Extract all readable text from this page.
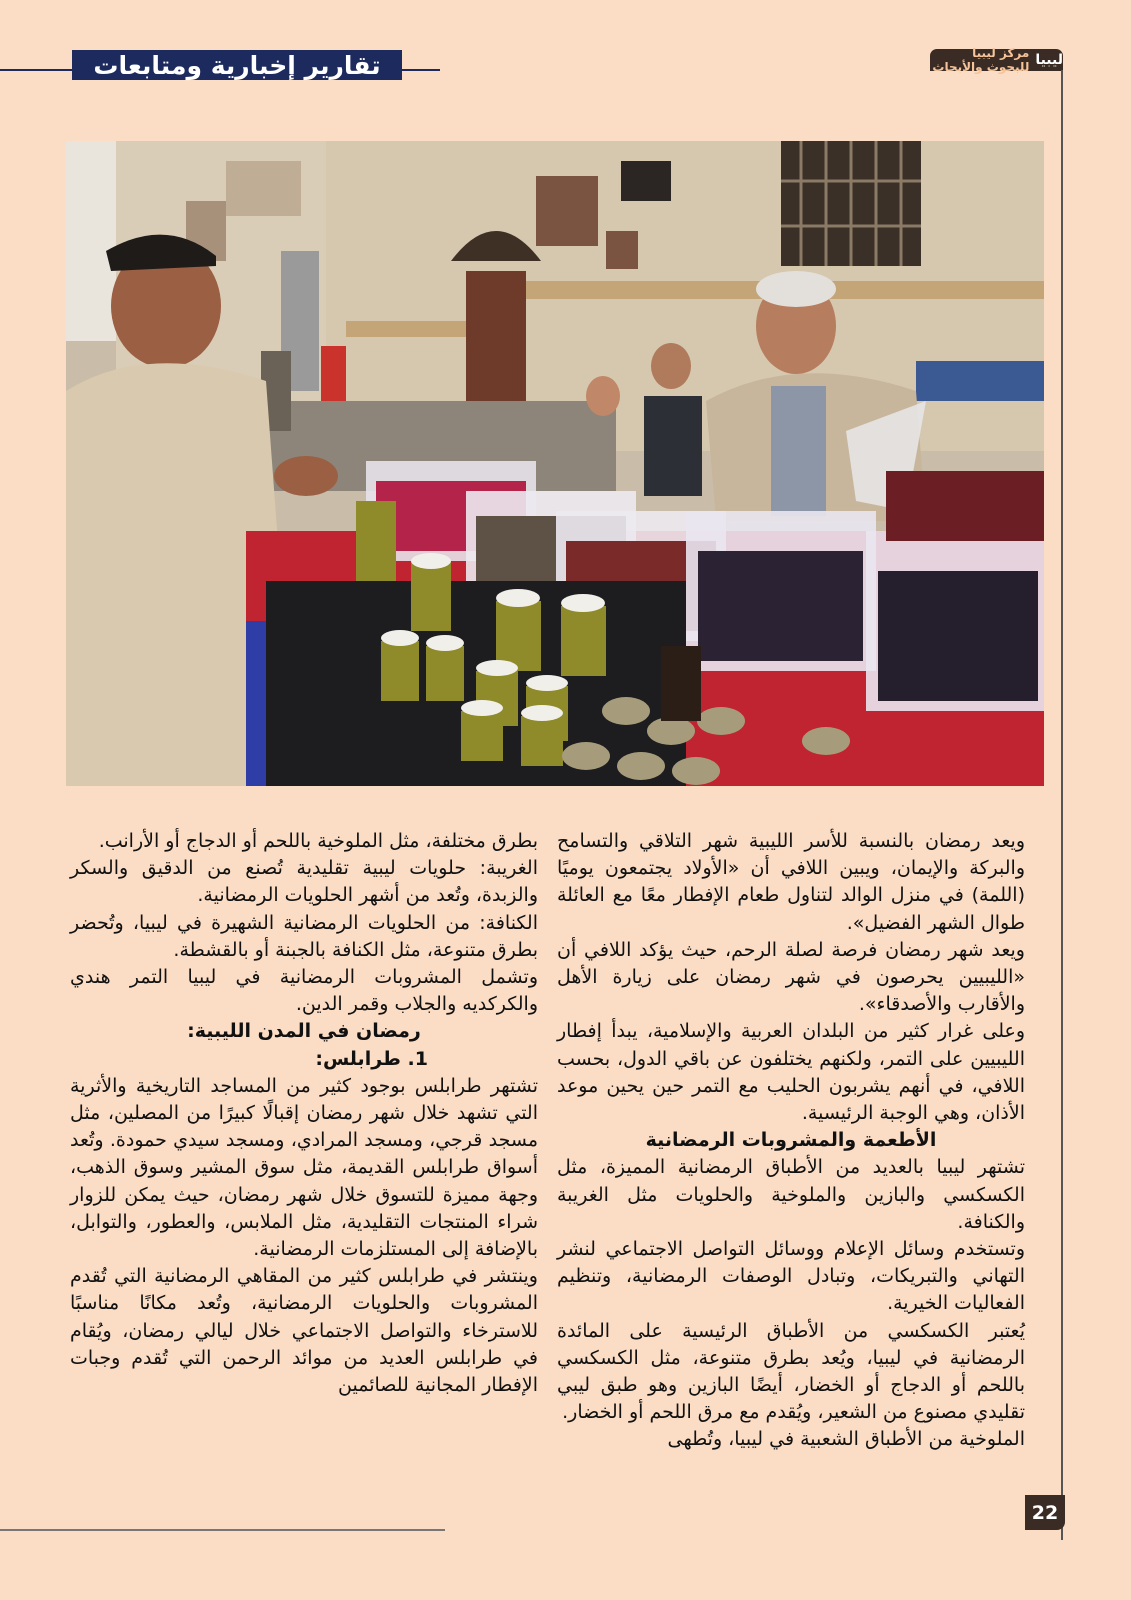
تقارير إخبارية ومتابعات	ليبيا
مركز ليبيا للبحوث والأبحاث

ويعد رمضان بالنسبة للأسر الليبية شهر التلاقي والتسامح والبركة والإيمان، ويبين اللافي أن «الأولاد يجتمعون يوميًا (اللمة) في منزل الوالد لتناول طعام الإفطار معًا مع العائلة طوال الشهر الفضيل».

ويعد شهر رمضان فرصة لصلة الرحم، حيث يؤكد اللافي أن «الليبيين يحرصون في شهر رمضان على زيارة الأهل والأقارب والأصدقاء».

وعلى غرار كثير من البلدان العربية والإسلامية، يبدأ إفطار الليبيين على التمر، ولكنهم يختلفون عن باقي الدول، بحسب اللافي، في أنهم يشربون الحليب مع التمر حين يحين موعد الأذان، وهي الوجبة الرئيسية.

الأطعمة والمشروبات الرمضانية

تشتهر ليبيا بالعديد من الأطباق الرمضانية المميزة، مثل الكسكسي والبازين والملوخية والحلويات مثل الغريبة والكنافة.

وتستخدم وسائل الإعلام ووسائل التواصل الاجتماعي لنشر التهاني والتبريكات، وتبادل الوصفات الرمضانية، وتنظيم الفعاليات الخيرية.

يُعتبر الكسكسي من الأطباق الرئيسية على المائدة الرمضانية في ليبيا، ويُعد بطرق متنوعة، مثل الكسكسي باللحم أو الدجاج أو الخضار، أيضًا البازين وهو طبق ليبي تقليدي مصنوع من الشعير، ويُقدم مع مرق اللحم أو الخضار.

الملوخية من الأطباق الشعبية في ليبيا، وتُطهى

بطرق مختلفة، مثل الملوخية باللحم أو الدجاج أو الأرانب.

الغريبة: حلويات ليبية تقليدية تُصنع من الدقيق والسكر والزبدة، وتُعد من أشهر الحلويات الرمضانية.

الكنافة: من الحلويات الرمضانية الشهيرة في ليبيا، وتُحضر بطرق متنوعة، مثل الكنافة بالجبنة أو بالقشطة.

وتشمل المشروبات الرمضانية في ليبيا التمر هندي والكركديه والجلاب وقمر الدين.

رمضان في المدن الليبية:
1. طرابلس:

تشتهر طرابلس بوجود كثير من المساجد التاريخية والأثرية التي تشهد خلال شهر رمضان إقبالًا كبيرًا من المصلين، مثل مسجد قرجي، ومسجد المرادي، ومسجد سيدي حمودة. وتُعد أسواق طرابلس القديمة، مثل سوق المشير وسوق الذهب، وجهة مميزة للتسوق خلال شهر رمضان، حيث يمكن للزوار شراء المنتجات التقليدية، مثل الملابس، والعطور، والتوابل، بالإضافة إلى المستلزمات الرمضانية.

وينتشر في طرابلس كثير من المقاهي الرمضانية التي تُقدم المشروبات والحلويات الرمضانية، وتُعد مكانًا مناسبًا للاسترخاء والتواصل الاجتماعي خلال ليالي رمضان، ويُقام في طرابلس العديد من موائد الرحمن التي تُقدم وجبات الإفطار المجانية للصائمين

22
